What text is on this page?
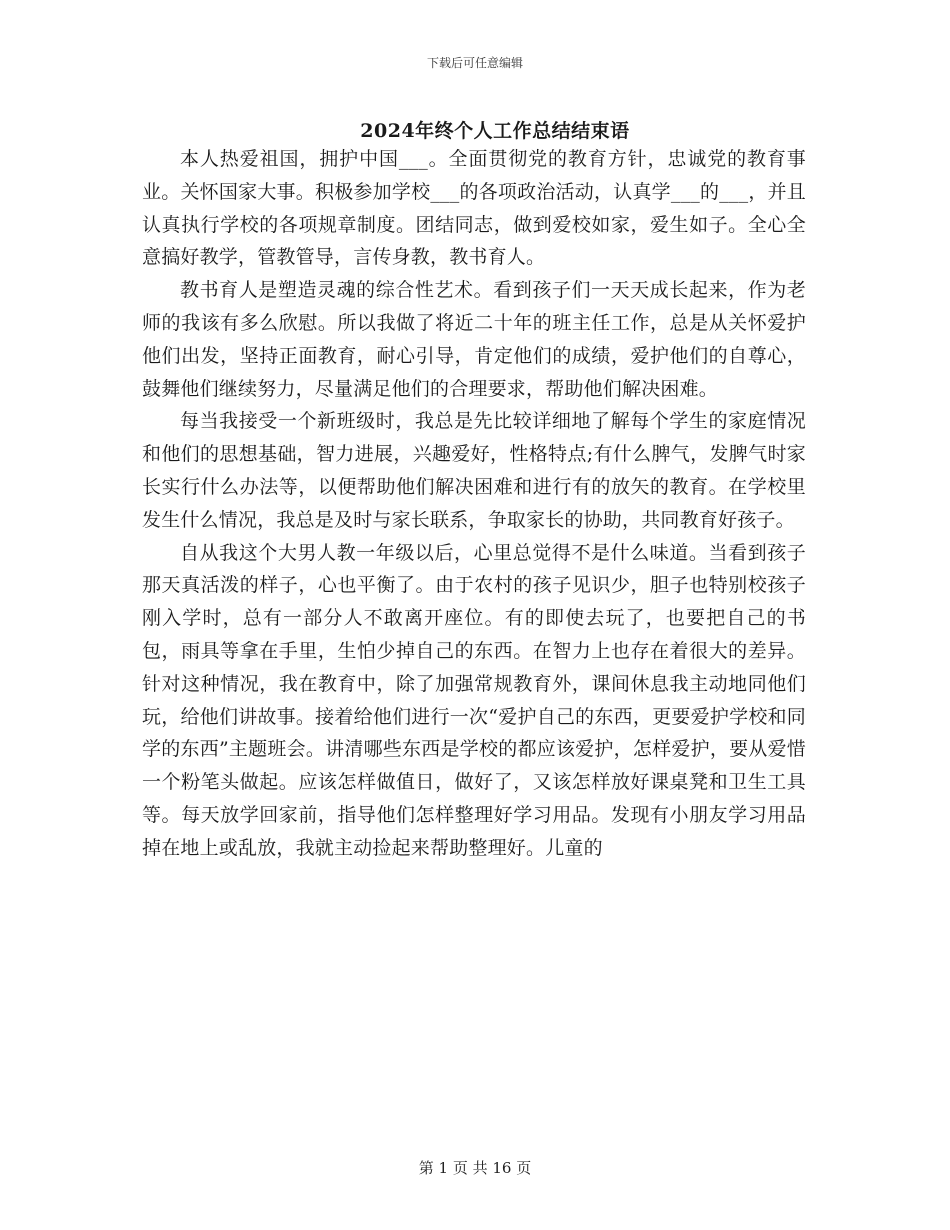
下载后可任意编辑
2024年终个人工作总结结束语

本人热爱祖国，拥护中国___。全面贯彻党的教育方针，忠诚党的教育事业。关怀国家大事。积极参加学校___的各项政治活动，认真学___的___，并且认真执行学校的各项规章制度。团结同志，做到爱校如家，爱生如子。全心全意搞好教学，管教管导，言传身教，教书育人。

教书育人是塑造灵魂的综合性艺术。看到孩子们一天天成长起来，作为老师的我该有多么欣慰。所以我做了将近二十年的班主任工作，总是从关怀爱护他们出发，坚持正面教育，耐心引导，肯定他们的成绩，爱护他们的自尊心，鼓舞他们继续努力，尽量满足他们的合理要求，帮助他们解决困难。

每当我接受一个新班级时，我总是先比较详细地了解每个学生的家庭情况和他们的思想基础，智力进展，兴趣爱好，性格特点;有什么脾气，发脾气时家长实行什么办法等，以便帮助他们解决困难和进行有的放矢的教育。在学校里发生什么情况，我总是及时与家长联系，争取家长的协助，共同教育好孩子。

自从我这个大男人教一年级以后，心里总觉得不是什么味道。当看到孩子那天真活泼的样子，心也平衡了。由于农村的孩子见识少，胆子也特别校孩子刚入学时，总有一部分人不敢离开座位。有的即使去玩了，也要把自己的书包，雨具等拿在手里，生怕少掉自己的东西。在智力上也存在着很大的差异。针对这种情况，我在教育中，除了加强常规教育外，课间休息我主动地同他们玩，给他们讲故事。接着给他们进行一次“爱护自己的东西，更要爱护学校和同学的东西”主题班会。讲清哪些东西是学校的都应该爱护，怎样爱护，要从爱惜一个粉笔头做起。应该怎样做值日，做好了，又该怎样放好课桌凳和卫生工具等。每天放学回家前，指导他们怎样整理好学习用品。发现有小朋友学习用品掉在地上或乱放，我就主动捡起来帮助整理好。儿童的

第 1 页 共 16 页
